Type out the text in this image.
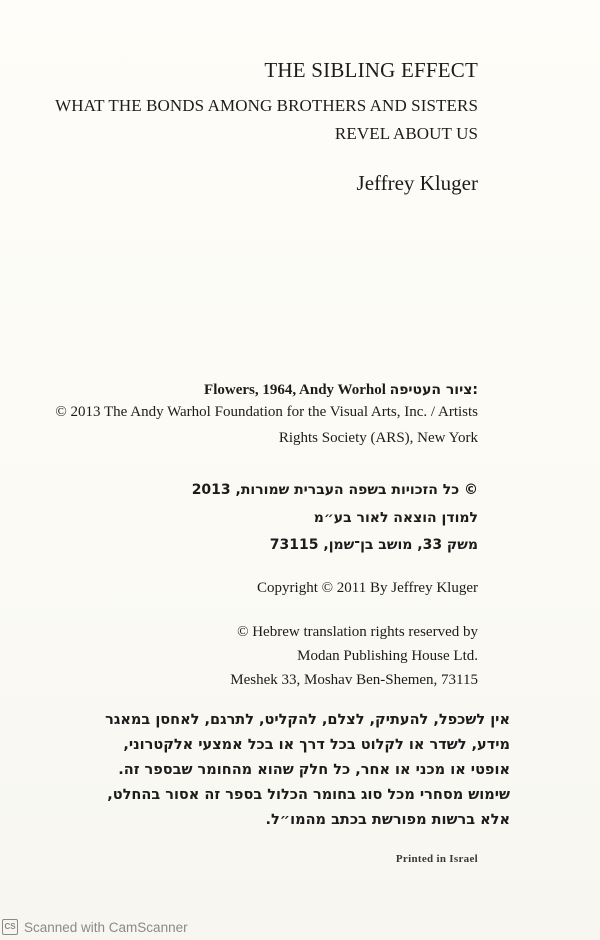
THE SIBLING EFFECT

WHAT THE BONDS AMONG BROTHERS AND SISTERS

REVEL ABOUT US

Jeffrey Kluger

Flowers, 1964, Andy Worhol ציור העטיפה:

© 2013 The Andy Warhol Foundation for the Visual Arts, Inc. / Artists

Rights Society (ARS), New York

© כל הזכויות בשפה העברית שמורות, 2013

למודן הוצאה לאור בע״מ

משק 33, מושב בן־שמן, 73115

Copyright © 2011 By Jeffrey Kluger

© Hebrew translation rights reserved by

Modan Publishing House Ltd.

Meshek 33, Moshav Ben-Shemen, 73115

אין לשכפל, להעתיק, לצלם, להקליט, לתרגם, לאחסן במאגר

מידע, לשדר או לקלוט בכל דרך או בכל אמצעי אלקטרוני,

אופטי או מכני או אחר, כל חלק שהוא מהחומר שבספר זה.

שימוש מסחרי מכל סוג בחומר הכלול בספר זה אסור בהחלט,

אלא ברשות מפורשת בכתב מהמו״ל.

Printed in Israel

CS Scanned with CamScanner
